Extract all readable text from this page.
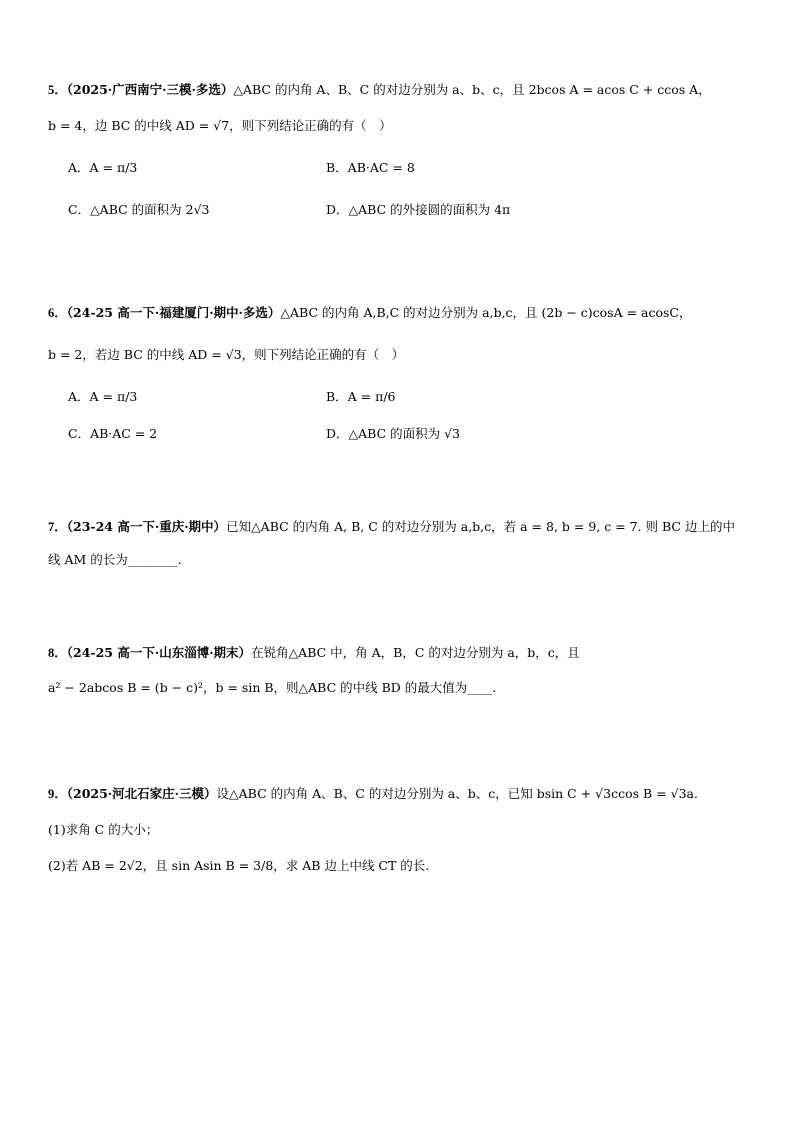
5．（2025·广西南宁·三模·多选）△ABC 的内角 A、B、C 的对边分别为 a、b、c，且 2bcos A = acos C + ccos A，
b = 4，边 BC 的中线 AD = √7，则下列结论正确的有（　）
A．A = π/3	B．AB·AC = 8
C．△ABC 的面积为 2√3	D．△ABC 的外接圆的面积为 4π
6．（24-25 高一下·福建厦门·期中·多选）△ABC 的内角 A,B,C 的对边分别为 a,b,c，且 (2b − c)cosA = acosC，
b = 2，若边 BC 的中线 AD = √3，则下列结论正确的有（　）
A．A = π/3	B．A = π/6
C．AB·AC = 2	D．△ABC 的面积为 √3
7．（23-24 高一下·重庆·期中）已知△ABC 的内角 A, B, C 的对边分别为 a,b,c，若 a = 8, b = 9, c = 7. 则 BC 边上的中
线 AM 的长为________.
8．（24-25 高一下·山东淄博·期末）在锐角△ABC 中，角 A，B，C 的对边分别为 a，b，c，且
a² − 2abcos B = (b − c)²，b = sin B，则△ABC 的中线 BD 的最大值为____.
9．（2025·河北石家庄·三模）设△ABC 的内角 A、B、C 的对边分别为 a、b、c，已知 bsin C + √3ccos B = √3a.
(1)求角 C 的大小；
(2)若 AB = 2√2，且 sin Asin B = 3/8，求 AB 边上中线 CT 的长.
